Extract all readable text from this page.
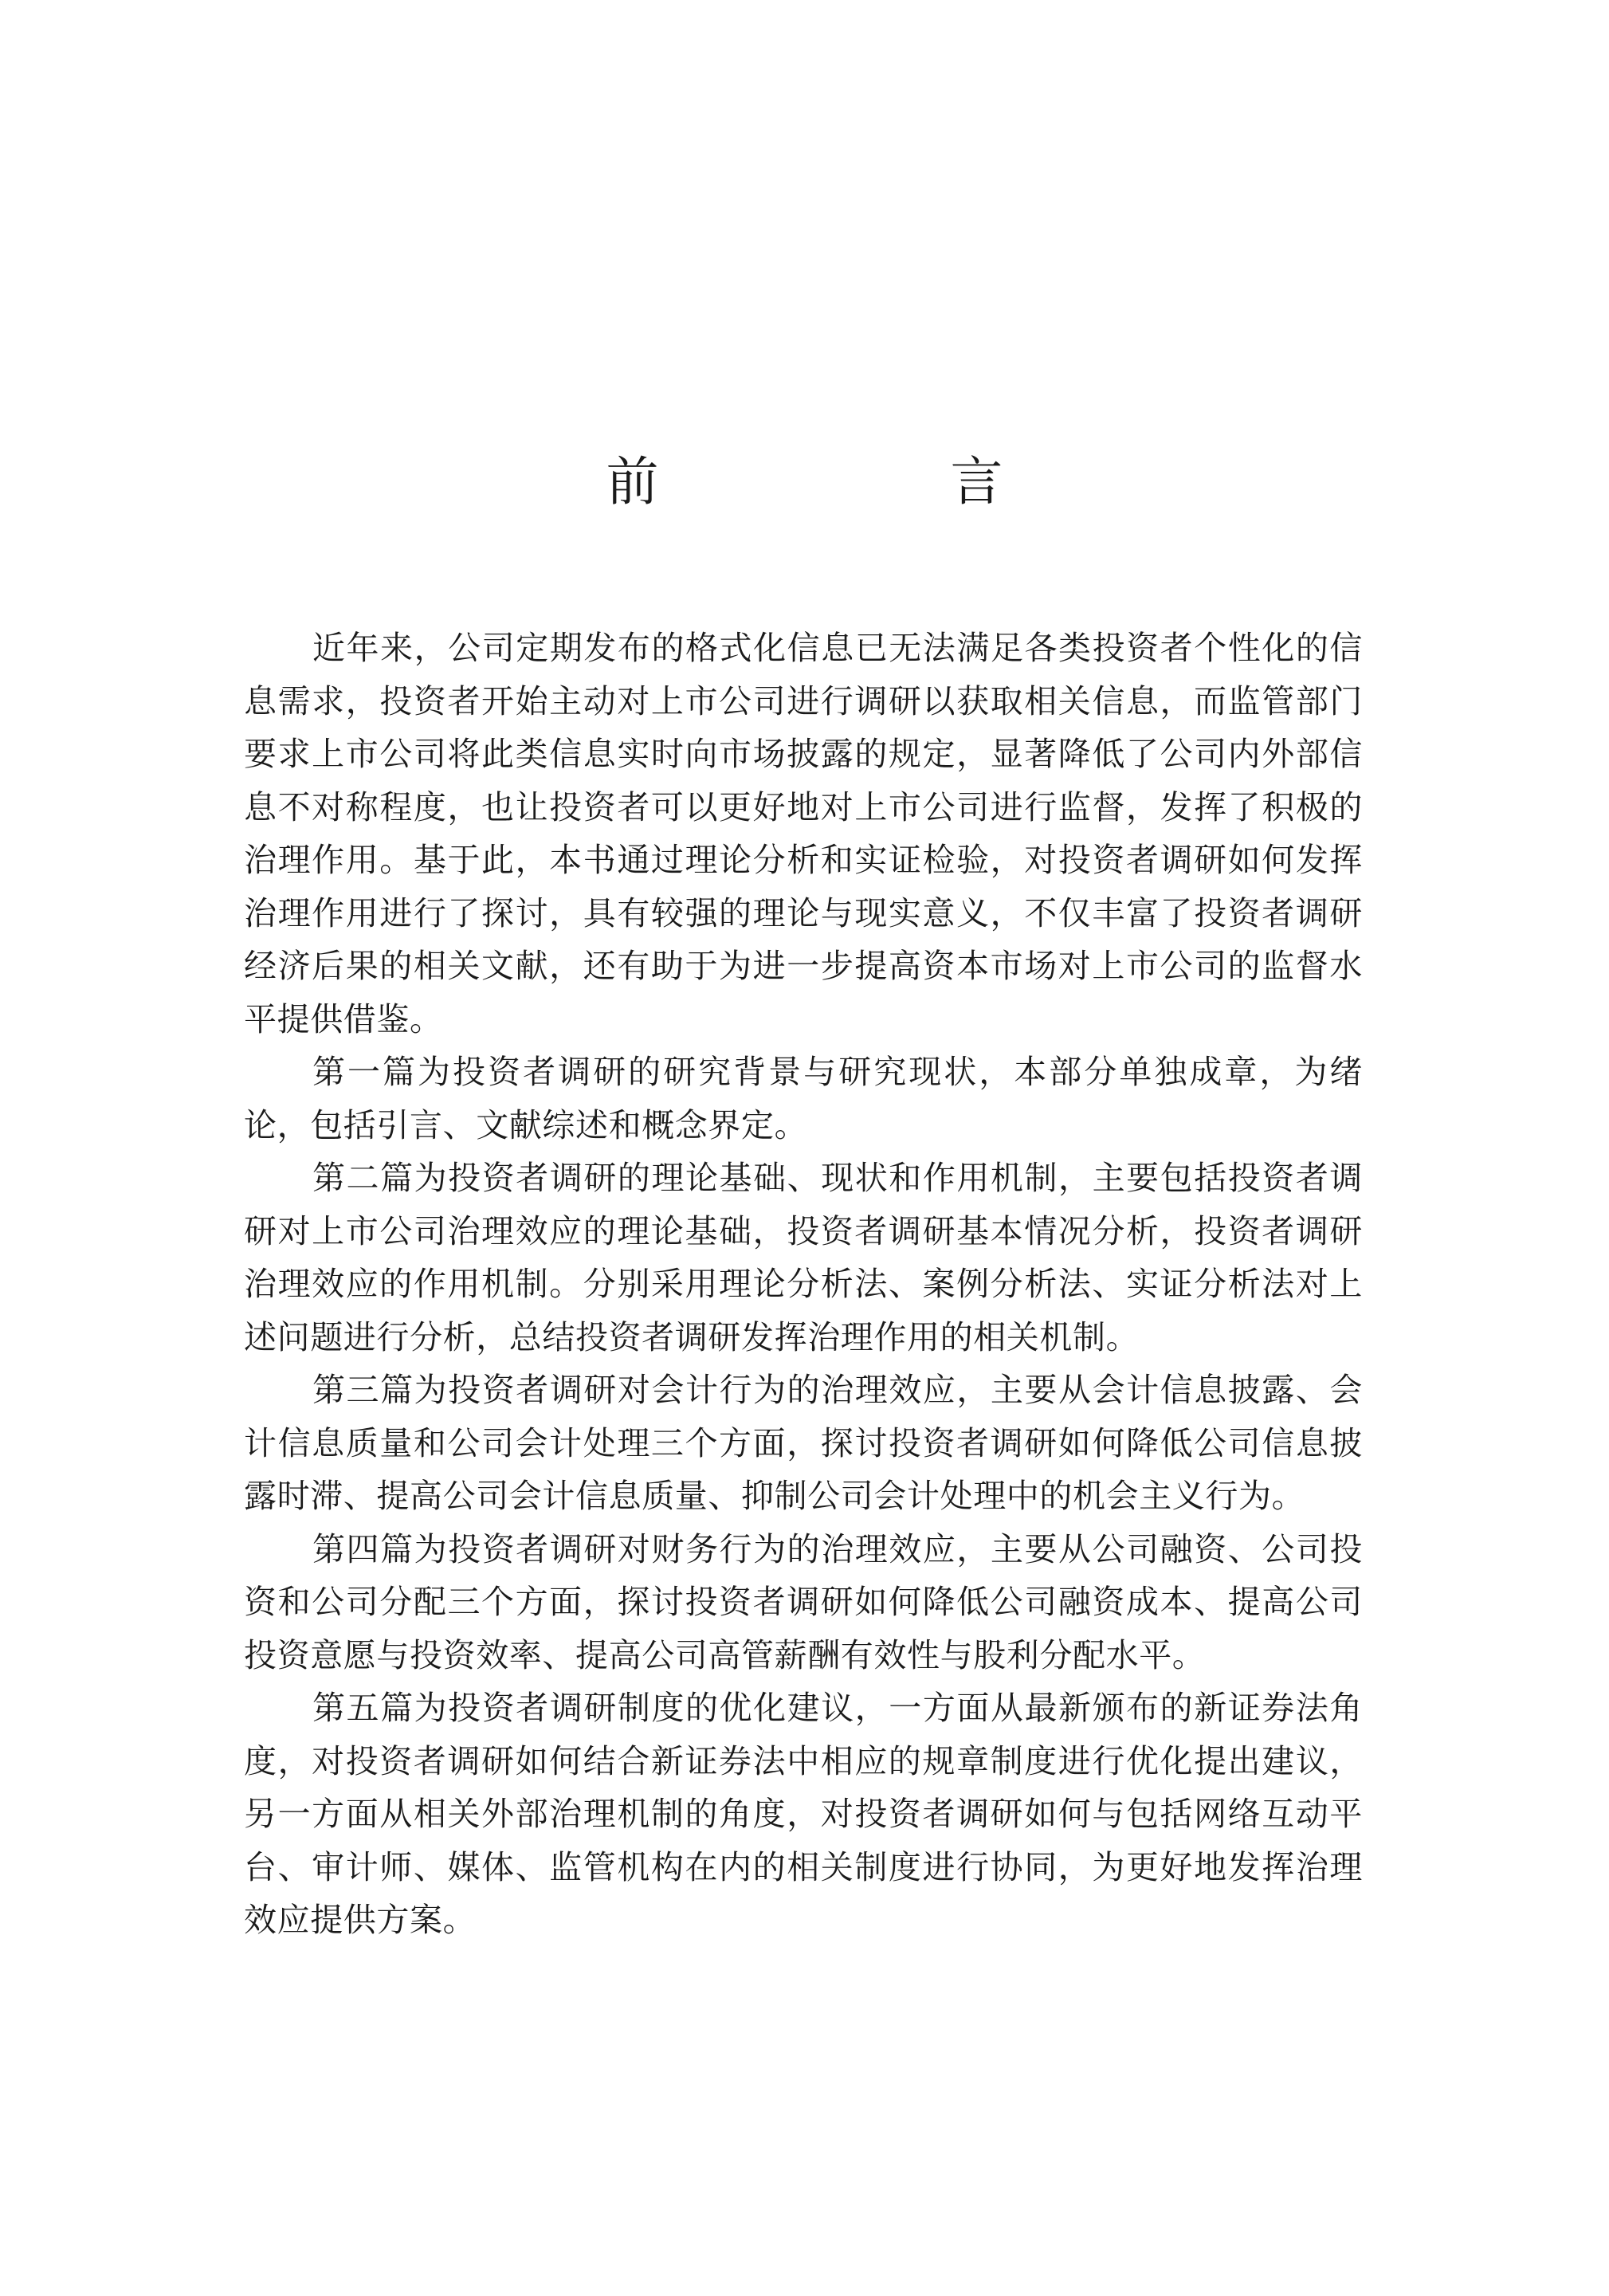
前　言

近年来，公司定期发布的格式化信息已无法满足各类投资者个性化的信息需求，投资者开始主动对上市公司进行调研以获取相关信息，而监管部门要求上市公司将此类信息实时向市场披露的规定，显著降低了公司内外部信息不对称程度，也让投资者可以更好地对上市公司进行监督，发挥了积极的治理作用。基于此，本书通过理论分析和实证检验，对投资者调研如何发挥治理作用进行了探讨，具有较强的理论与现实意义，不仅丰富了投资者调研经济后果的相关文献，还有助于为进一步提高资本市场对上市公司的监督水平提供借鉴。

第一篇为投资者调研的研究背景与研究现状，本部分单独成章，为绪论，包括引言、文献综述和概念界定。

第二篇为投资者调研的理论基础、现状和作用机制，主要包括投资者调研对上市公司治理效应的理论基础，投资者调研基本情况分析，投资者调研治理效应的作用机制。分别采用理论分析法、案例分析法、实证分析法对上述问题进行分析，总结投资者调研发挥治理作用的相关机制。

第三篇为投资者调研对会计行为的治理效应，主要从会计信息披露、会计信息质量和公司会计处理三个方面，探讨投资者调研如何降低公司信息披露时滞、提高公司会计信息质量、抑制公司会计处理中的机会主义行为。

第四篇为投资者调研对财务行为的治理效应，主要从公司融资、公司投资和公司分配三个方面，探讨投资者调研如何降低公司融资成本、提高公司投资意愿与投资效率、提高公司高管薪酬有效性与股利分配水平。

第五篇为投资者调研制度的优化建议，一方面从最新颁布的新证券法角度，对投资者调研如何结合新证券法中相应的规章制度进行优化提出建议，另一方面从相关外部治理机制的角度，对投资者调研如何与包括网络互动平台、审计师、媒体、监管机构在内的相关制度进行协同，为更好地发挥治理效应提供方案。
